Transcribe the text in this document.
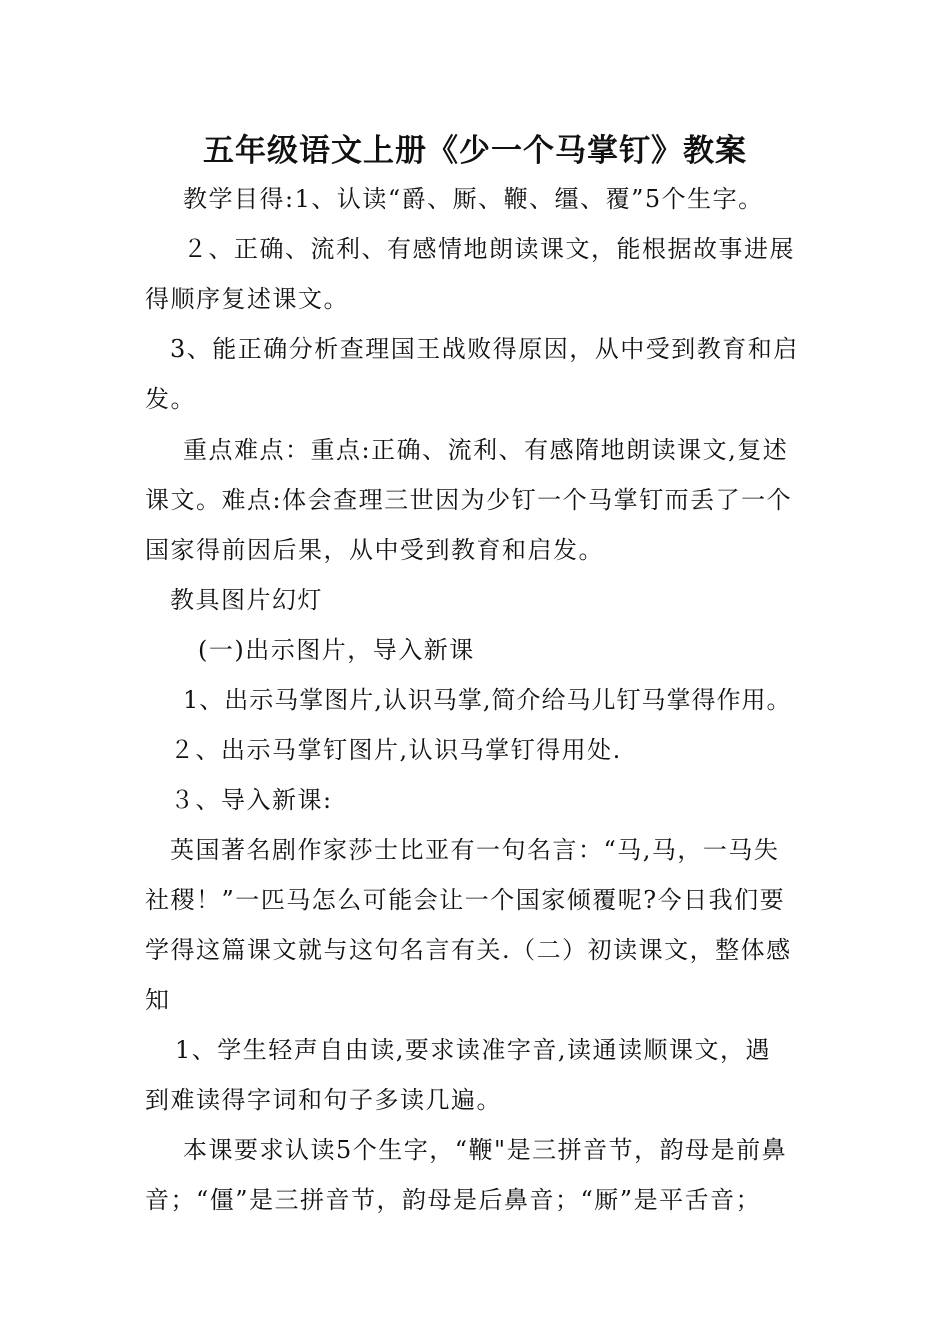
五年级语文上册《少一个马掌钉》教案
教学目得:1、认读“爵、厮、鞭、缰、覆”5个生字。
２、正确、流利、有感情地朗读课文，能根据故事进展
得顺序复述课文。
3、能正确分析查理国王战败得原因，从中受到教育和启
发。
重点难点：重点:正确、流利、有感隋地朗读课文,复述
课文。难点:体会查理三世因为少钉一个马掌钉而丢了一个
国家得前因后果，从中受到教育和启发。
教具图片幻灯
(一)出示图片，导入新课
1、出示马掌图片,认识马掌,简介给马儿钉马掌得作用。
２、出示马掌钉图片,认识马掌钉得用处.
３、导入新课:
英国著名剧作家莎士比亚有一句名言：“马,马，一马失
社稷！”一匹马怎么可能会让一个国家倾覆呢?今日我们要
学得这篇课文就与这句名言有关.（二）初读课文，整体感
知
1、学生轻声自由读,要求读准字音,读通读顺课文，遇
到难读得字词和句子多读几遍。
本课要求认读5个生字，“鞭"是三拼音节，韵母是前鼻
音；“僵”是三拼音节，韵母是后鼻音；“厮”是平舌音；
